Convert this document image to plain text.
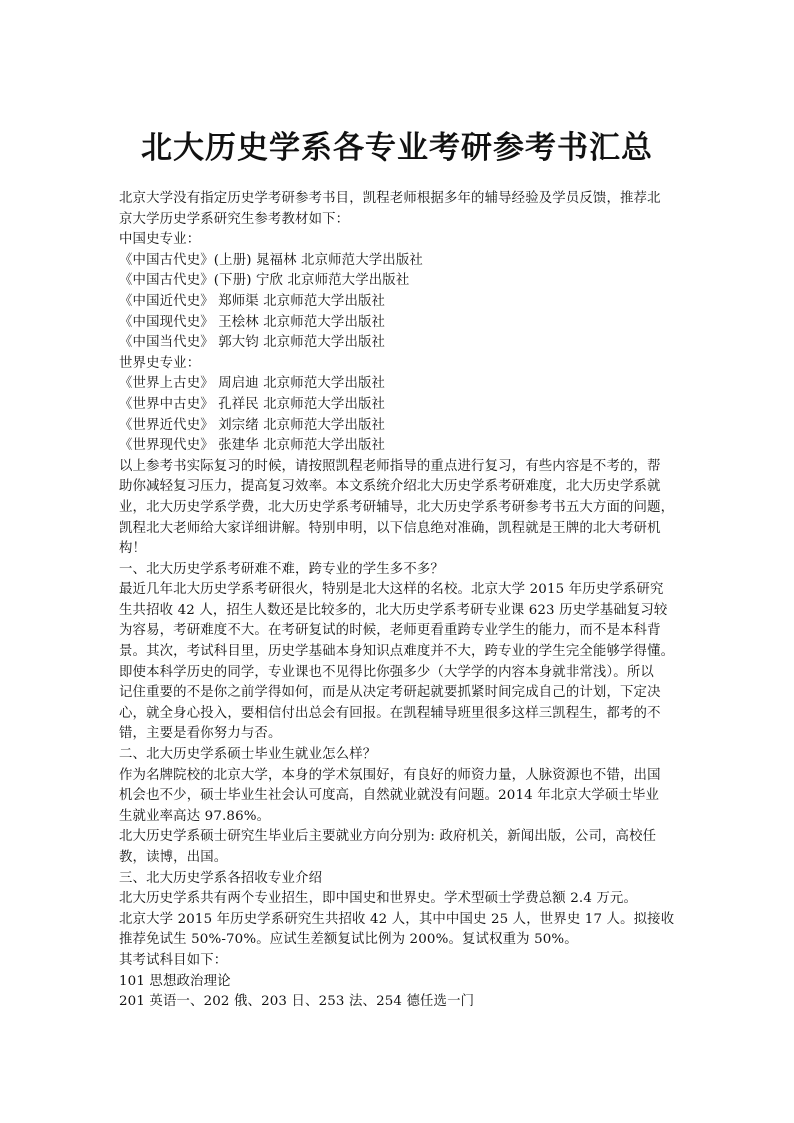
北大历史学系各专业考研参考书汇总
北京大学没有指定历史学考研参考书目，凯程老师根据多年的辅导经验及学员反馈，推荐北
京大学历史学系研究生参考教材如下：
中国史专业：
《中国古代史》(上册) 晁福林 北京师范大学出版社
《中国古代史》(下册) 宁欣 北京师范大学出版社
《中国近代史》 郑师渠 北京师范大学出版社
《中国现代史》 王桧林 北京师范大学出版社
《中国当代史》 郭大钧 北京师范大学出版社
世界史专业：
《世界上古史》 周启迪 北京师范大学出版社
《世界中古史》 孔祥民 北京师范大学出版社
《世界近代史》 刘宗绪 北京师范大学出版社
《世界现代史》 张建华 北京师范大学出版社
以上参考书实际复习的时候，请按照凯程老师指导的重点进行复习，有些内容是不考的，帮
助你减轻复习压力，提高复习效率。本文系统介绍北大历史学系考研难度，北大历史学系就
业，北大历史学系学费，北大历史学系考研辅导，北大历史学系考研参考书五大方面的问题，
凯程北大老师给大家详细讲解。特别申明，以下信息绝对准确，凯程就是王牌的北大考研机
构！
一、北大历史学系考研难不难，跨专业的学生多不多？
最近几年北大历史学系考研很火，特别是北大这样的名校。北京大学 2015 年历史学系研究
生共招收 42 人，招生人数还是比较多的，北大历史学系考研专业课 623 历史学基础复习较
为容易，考研难度不大。在考研复试的时候，老师更看重跨专业学生的能力，而不是本科背
景。其次，考试科目里，历史学基础本身知识点难度并不大，跨专业的学生完全能够学得懂。
即使本科学历史的同学，专业课也不见得比你强多少（大学学的内容本身就非常浅）。所以
记住重要的不是你之前学得如何，而是从决定考研起就要抓紧时间完成自己的计划，下定决
心，就全身心投入，要相信付出总会有回报。在凯程辅导班里很多这样三凯程生，都考的不
错，主要是看你努力与否。
二、北大历史学系硕士毕业生就业怎么样？
作为名牌院校的北京大学，本身的学术氛围好，有良好的师资力量，人脉资源也不错，出国
机会也不少，硕士毕业生社会认可度高，自然就业就没有问题。2014 年北京大学硕士毕业
生就业率高达 97.86%。
北大历史学系硕士研究生毕业后主要就业方向分别为: 政府机关，新闻出版，公司，高校任
教，读博，出国。
三、北大历史学系各招收专业介绍
北大历史学系共有两个专业招生，即中国史和世界史。学术型硕士学费总额 2.4 万元。
北京大学 2015 年历史学系研究生共招收 42 人，其中中国史 25 人，世界史 17 人。拟接收
推荐免试生 50%-70%。应试生差额复试比例为 200%。复试权重为 50%。
其考试科目如下：
101 思想政治理论
201 英语一、202 俄、203 日、253 法、254 德任选一门
